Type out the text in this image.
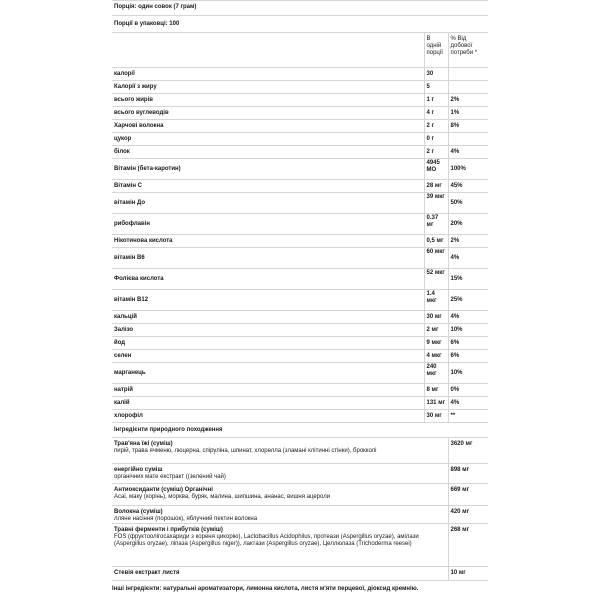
Порція: один совок (7 грам)		
Порції в упаковці: 100		
	В одній порції	% Від добової потреби *
калорії	30	
Калорії з жиру	5	
всього жирів	1 г	2%
всього вуглеводів	4 г	1%
Харчові волокна	2 г	8%
цукор	0 г	
білок	2 г	4%
Вітамін (бета-каротин)	4945 МО	100%
Вітамін С	28 мг	45%
вітамін До	39 мкг	50%
рибофлавін	0.37 мг	20%
Нікотинова кислота	0,5 мг	2%
вітамін B6	60 мкг	4%
Фолієва кислота	52 мкг	15%
вітамін B12	1.4 мкг	25%
кальцій	30 мг	4%
Залізо	2 мг	10%
йод	9 мкг	6%
селен	4 мкг	6%
марганець	240 мкг	10%
натрій	8 мг	0%
калій	131 мг	4%
хлорофіл	30 мг	**
Інгредієнти природного походження		

Трав'яна їжі (суміш)
пирій, трава ячменю, люцерна, спіруліна, шпинат, хлорелла (зламані клітинні стінки), брокколі		3620 мг

енергійно суміш
органічних мате екстракт ((зелений чай)		898 мг

Антиоксиданти (суміш) Органічні
Асаі, маку (корінь), морква, буряк, малина, шипшина, ананас, вишня ацероли		669 мг

Волокна (суміш)
лляне насіння (порошок), яблучний пектин волокна		420 мг

Травні ферменти і прибутків (суміш)
FOS (фруктоолігосахариди з кореня цикорію), Lactobacillus Acidophilus, протеази (Aspergillus oryzae), амілази (Aspergillus oryzae), ліпаза (Aspergillus niger)), лактази (Aspergillus oryzae), Целлюлаза (Trichoderma reesei)		268 мг

Стевія екстракт листя		10 мг
Інші інгредієнти: натуральні ароматизатори, лимонна кислота, листя м'яти перцевої, діоксид кремнію.
